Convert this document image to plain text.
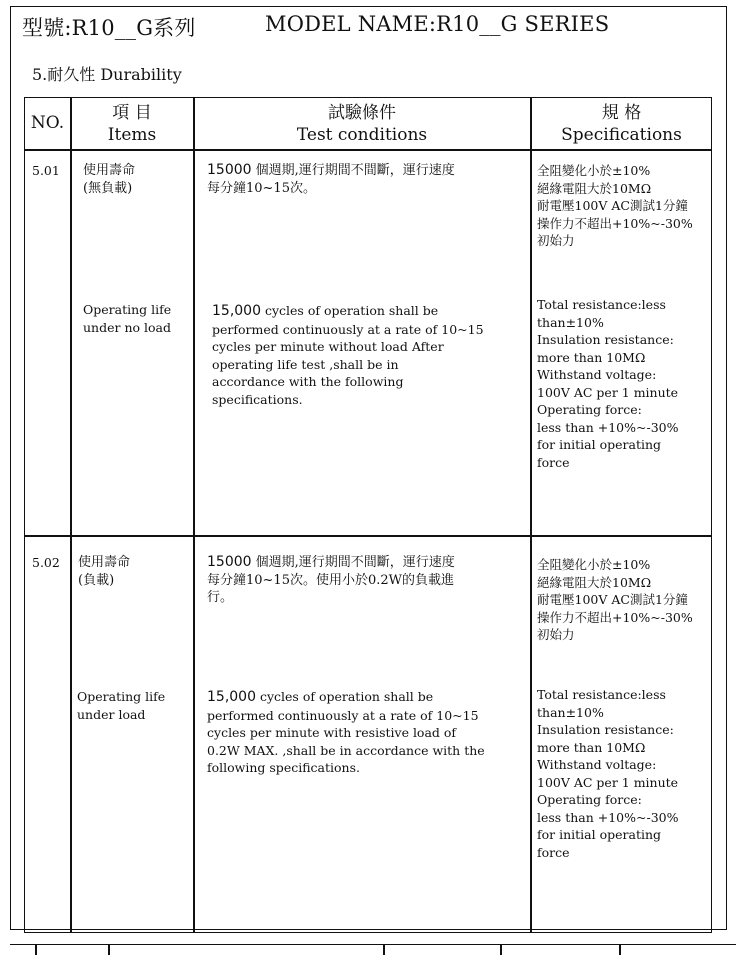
型號:R10__G系列	MODEL NAME:R10__G SERIES
5.耐久性 Durability
NO.	項 目
Items
試驗條件
Test conditions
規 格
Specifications
5.01 使用壽命
(無負載)
15000 個週期,運行期間不間斷，運行速度
每分鐘10~15次。
全阻變化小於±10%
絕緣電阻大於10MΩ
耐電壓100V AC測試1分鐘
操作力不超出+10%~-30%
初始力
Operating life
under no load
15,000 cycles of operation shall be
performed continuously at a rate of 10~15
cycles per minute without load After
operating life test ,shall be in
accordance with the following
specifications.
Total resistance:less
than±10%
Insulation resistance:
more than 10MΩ
Withstand voltage:
100V AC per 1 minute
Operating force:
less than +10%~-30%
for initial operating
force
5.02 使用壽命
(負載)
15000 個週期,運行期間不間斷，運行速度
每分鐘10~15次。使用小於0.2W的負載進
行。
全阻變化小於±10%
絕緣電阻大於10MΩ
耐電壓100V AC測試1分鐘
操作力不超出+10%~-30%
初始力
Operating life
under load
15,000 cycles of operation shall be
performed continuously at a rate of 10~15
cycles per minute with resistive load of
0.2W MAX. ,shall be in accordance with the
following specifications.
Total resistance:less
than±10%
Insulation resistance:
more than 10MΩ
Withstand voltage:
100V AC per 1 minute
Operating force:
less than +10%~-30%
for initial operating
force
